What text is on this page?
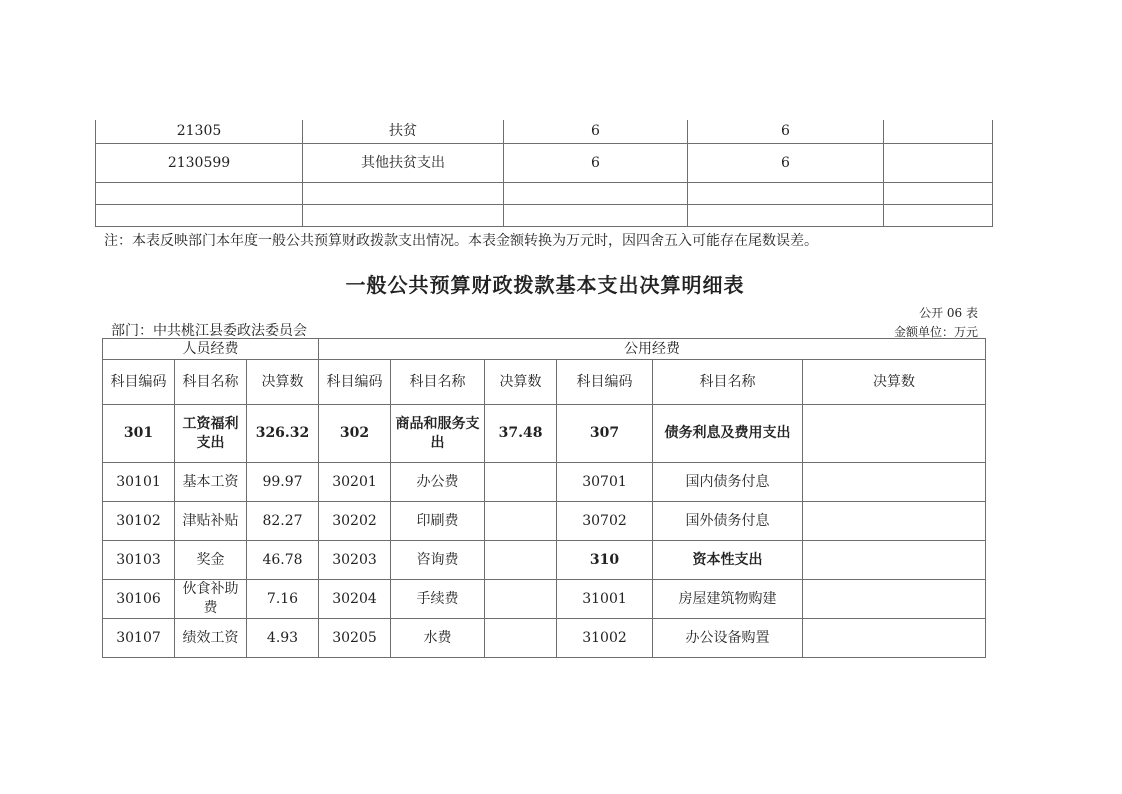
21305	扶贫	6	6	
2130599	其他扶贫支出	6	6	

注：本表反映部门本年度一般公共预算财政拨款支出情况。本表金额转换为万元时，因四舍五入可能存在尾数误差。
一般公共预算财政拨款基本支出决算明细表
公开 06 表
部门：中共桃江县委政法委员会	金额单位：万元
人员经费			公用经费					
科目编码	科目名称	决算数	科目编码	科目名称	决算数	科目编码	科目名称	决算数
301	工资福利支出	326.32	302	商品和服务支出	37.48	307	债务利息及费用支出	
30101	基本工资	99.97	30201	办公费		30701	国内债务付息	
30102	津贴补贴	82.27	30202	印刷费		30702	国外债务付息	
30103	奖金	46.78	30203	咨询费		310	资本性支出	
30106	伙食补助费	7.16	30204	手续费		31001	房屋建筑物购建	
30107	绩效工资	4.93	30205	水费		31002	办公设备购置	
